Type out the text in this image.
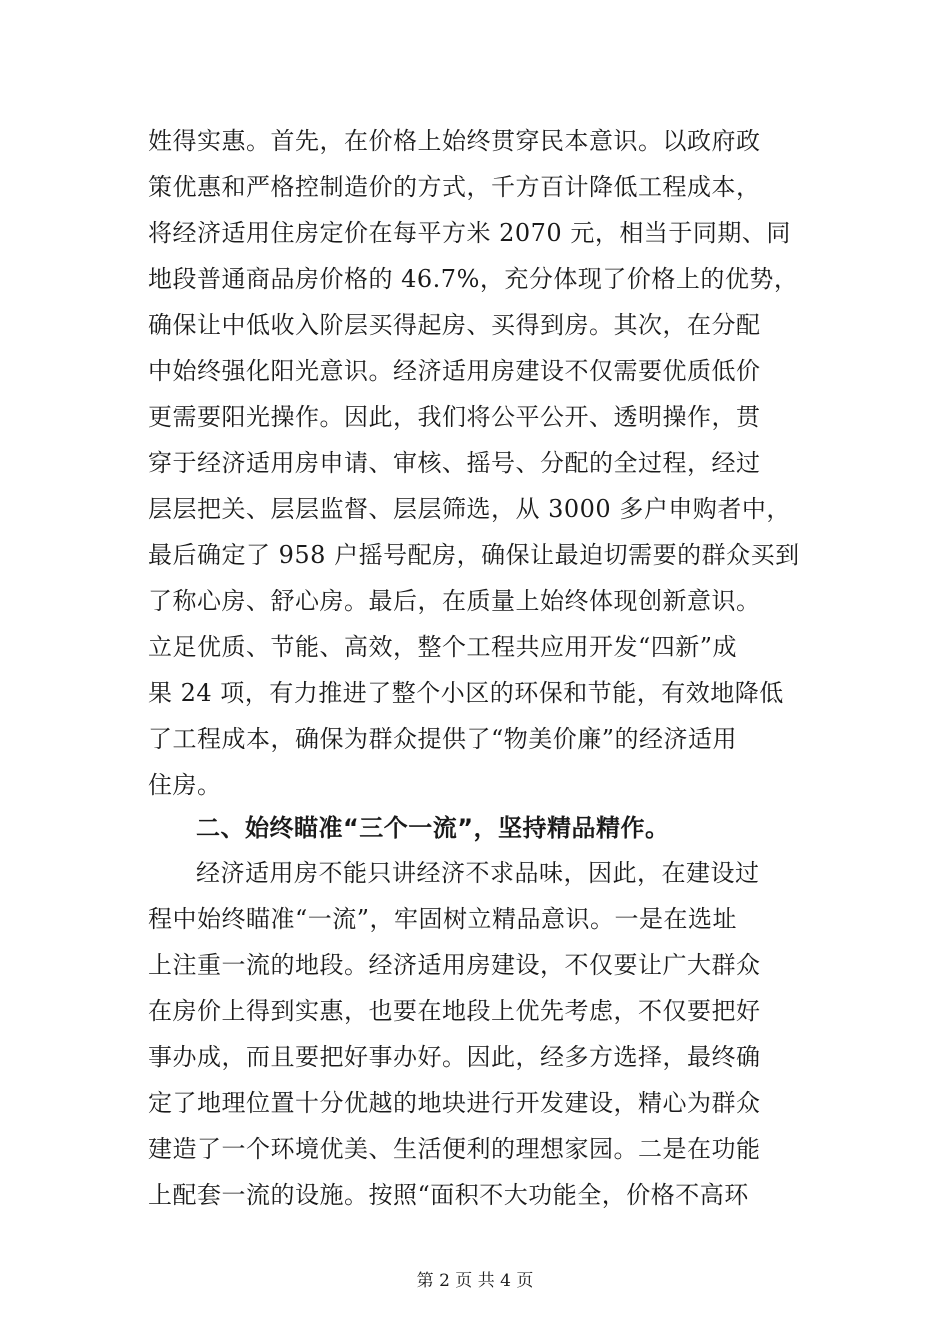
姓得实惠。首先，在价格上始终贯穿民本意识。以政府政
策优惠和严格控制造价的方式，千方百计降低工程成本，
将经济适用住房定价在每平方米 2070 元，相当于同期、同
地段普通商品房价格的 46.7%，充分体现了价格上的优势，
确保让中低收入阶层买得起房、买得到房。其次，在分配
中始终强化阳光意识。经济适用房建设不仅需要优质低价
更需要阳光操作。因此，我们将公平公开、透明操作，贯
穿于经济适用房申请、审核、摇号、分配的全过程，经过
层层把关、层层监督、层层筛选，从 3000 多户申购者中，
最后确定了 958 户摇号配房，确保让最迫切需要的群众买到
了称心房、舒心房。最后，在质量上始终体现创新意识。
立足优质、节能、高效，整个工程共应用开发“四新”成
果 24 项，有力推进了整个小区的环保和节能，有效地降低
了工程成本，确保为群众提供了“物美价廉”的经济适用
住房。
二、始终瞄准“三个一流”，坚持精品精作。
经济适用房不能只讲经济不求品味，因此，在建设过
程中始终瞄准“一流”，牢固树立精品意识。一是在选址
上注重一流的地段。经济适用房建设，不仅要让广大群众
在房价上得到实惠，也要在地段上优先考虑，不仅要把好
事办成，而且要把好事办好。因此，经多方选择，最终确
定了地理位置十分优越的地块进行开发建设，精心为群众
建造了一个环境优美、生活便利的理想家园。二是在功能
上配套一流的设施。按照“面积不大功能全，价格不高环
第 2 页 共 4 页
